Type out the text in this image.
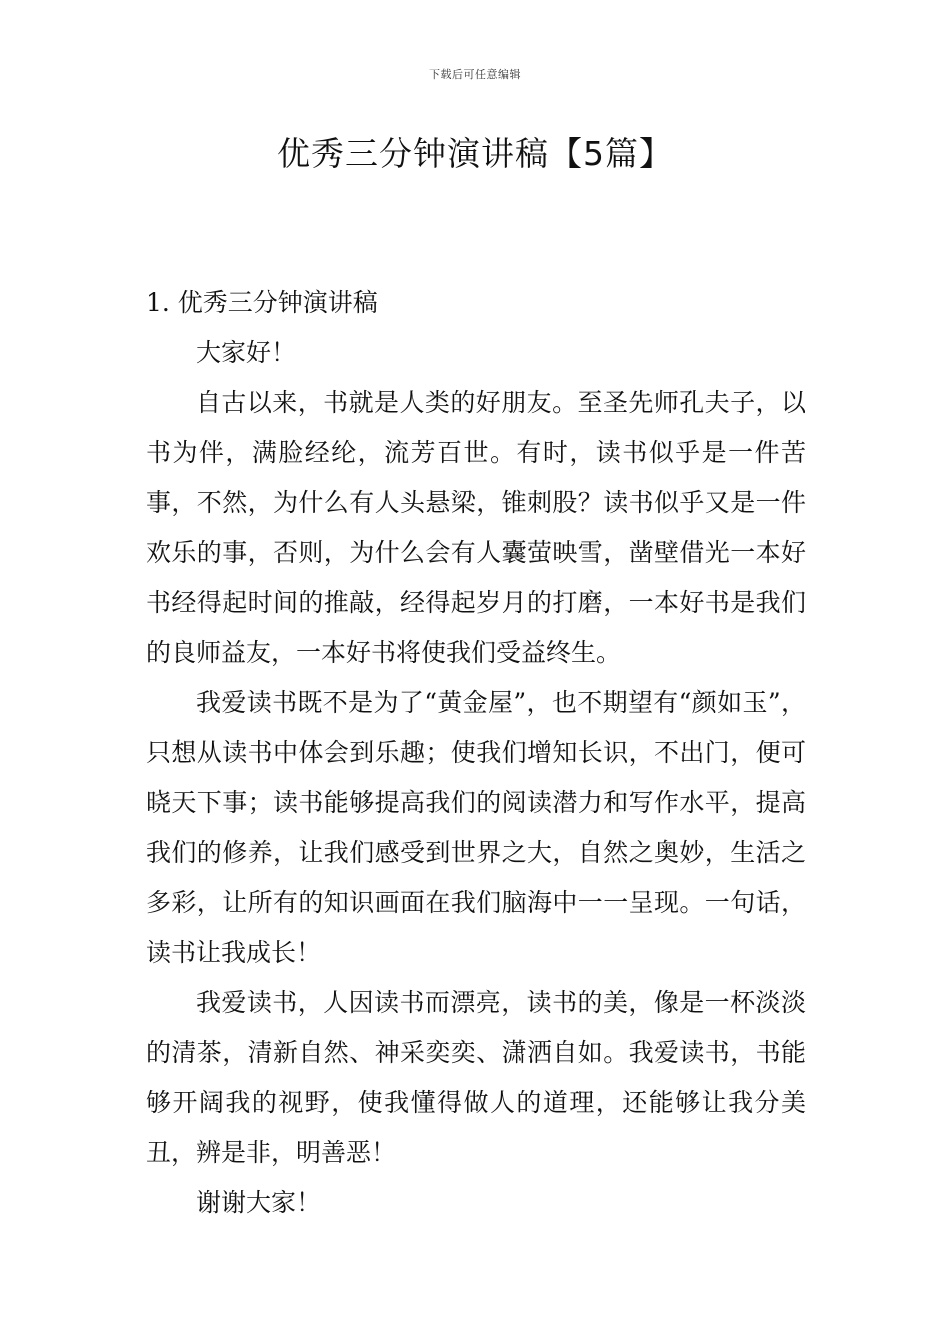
下载后可任意编辑
优秀三分钟演讲稿【5篇】

1. 优秀三分钟演讲稿

大家好！

自古以来，书就是人类的好朋友。至圣先师孔夫子，以书为伴，满脸经纶，流芳百世。有时，读书似乎是一件苦事，不然，为什么有人头悬梁，锥刺股？读书似乎又是一件欢乐的事，否则，为什么会有人囊萤映雪，凿壁借光一本好书经得起时间的推敲，经得起岁月的打磨，一本好书是我们的良师益友，一本好书将使我们受益终生。

我爱读书既不是为了“黄金屋”，也不期望有“颜如玉”，只想从读书中体会到乐趣；使我们增知长识，不出门，便可晓天下事；读书能够提高我们的阅读潜力和写作水平，提高我们的修养，让我们感受到世界之大，自然之奥妙，生活之多彩，让所有的知识画面在我们脑海中一一呈现。一句话，读书让我成长！

我爱读书，人因读书而漂亮，读书的美，像是一杯淡淡的清茶，清新自然、神采奕奕、潇洒自如。我爱读书，书能够开阔我的视野，使我懂得做人的道理，还能够让我分美丑，辨是非，明善恶！

谢谢大家！
